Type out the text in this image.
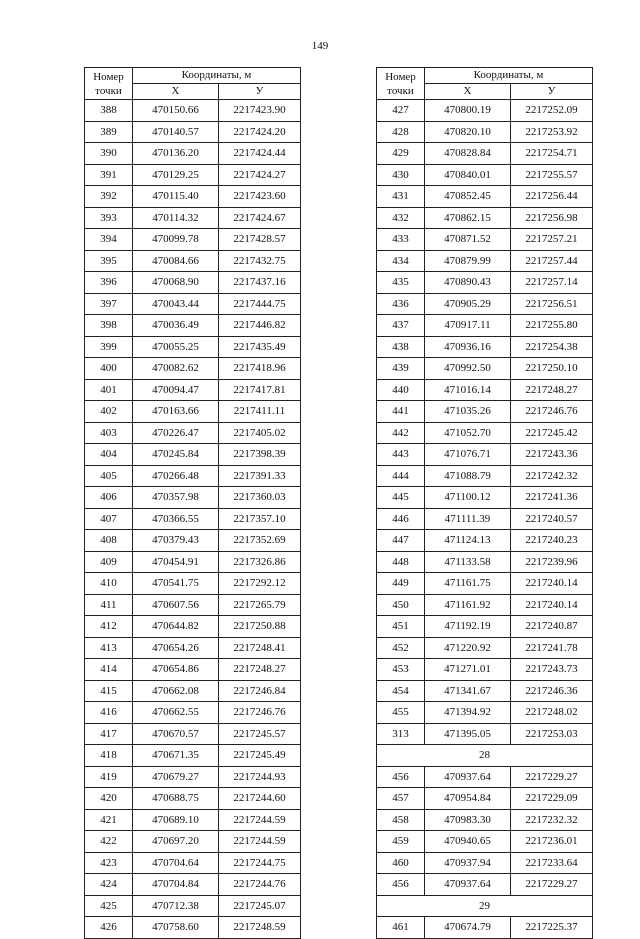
149
Номер точки	Координаты, м	
	X	У
388	470150.66	2217423.90
389	470140.57	2217424.20
390	470136.20	2217424.44
391	470129.25	2217424.27
392	470115.40	2217423.60
393	470114.32	2217424.67
394	470099.78	2217428.57
395	470084.66	2217432.75
396	470068.90	2217437.16
397	470043.44	2217444.75
398	470036.49	2217446.82
399	470055.25	2217435.49
400	470082.62	2217418.96
401	470094.47	2217417.81
402	470163.66	2217411.11
403	470226.47	2217405.02
404	470245.84	2217398.39
405	470266.48	2217391.33
406	470357.98	2217360.03
407	470366.55	2217357.10
408	470379.43	2217352.69
409	470454.91	2217326.86
410	470541.75	2217292.12
411	470607.56	2217265.79
412	470644.82	2217250.88
413	470654.26	2217248.41
414	470654.86	2217248.27
415	470662.08	2217246.84
416	470662.55	2217246.76
417	470670.57	2217245.57
418	470671.35	2217245.49
419	470679.27	2217244.93
420	470688.75	2217244.60
421	470689.10	2217244.59
422	470697.20	2217244.59
423	470704.64	2217244.75
424	470704.84	2217244.76
425	470712.38	2217245.07
426	470758.60	2217248.59
Номер точки	Координаты, м	
	X	У
427	470800.19	2217252.09
428	470820.10	2217253.92
429	470828.84	2217254.71
430	470840.01	2217255.57
431	470852.45	2217256.44
432	470862.15	2217256.98
433	470871.52	2217257.21
434	470879.99	2217257.44
435	470890.43	2217257.14
436	470905.29	2217256.51
437	470917.11	2217255.80
438	470936.16	2217254.38
439	470992.50	2217250.10
440	471016.14	2217248.27
441	471035.26	2217246.76
442	471052.70	2217245.42
443	471076.71	2217243.36
444	471088.79	2217242.32
445	471100.12	2217241.36
446	471111.39	2217240.57
447	471124.13	2217240.23
448	471133.58	2217239.96
449	471161.75	2217240.14
450	471161.92	2217240.14
451	471192.19	2217240.87
452	471220.92	2217241.78
453	471271.01	2217243.73
454	471341.67	2217246.36
455	471394.92	2217248.02
313	471395.05	2217253.03
28		
456	470937.64	2217229.27
457	470954.84	2217229.09
458	470983.30	2217232.32
459	470940.65	2217236.01
460	470937.94	2217233.64
456	470937.64	2217229.27
29		
461	470674.79	2217225.37
